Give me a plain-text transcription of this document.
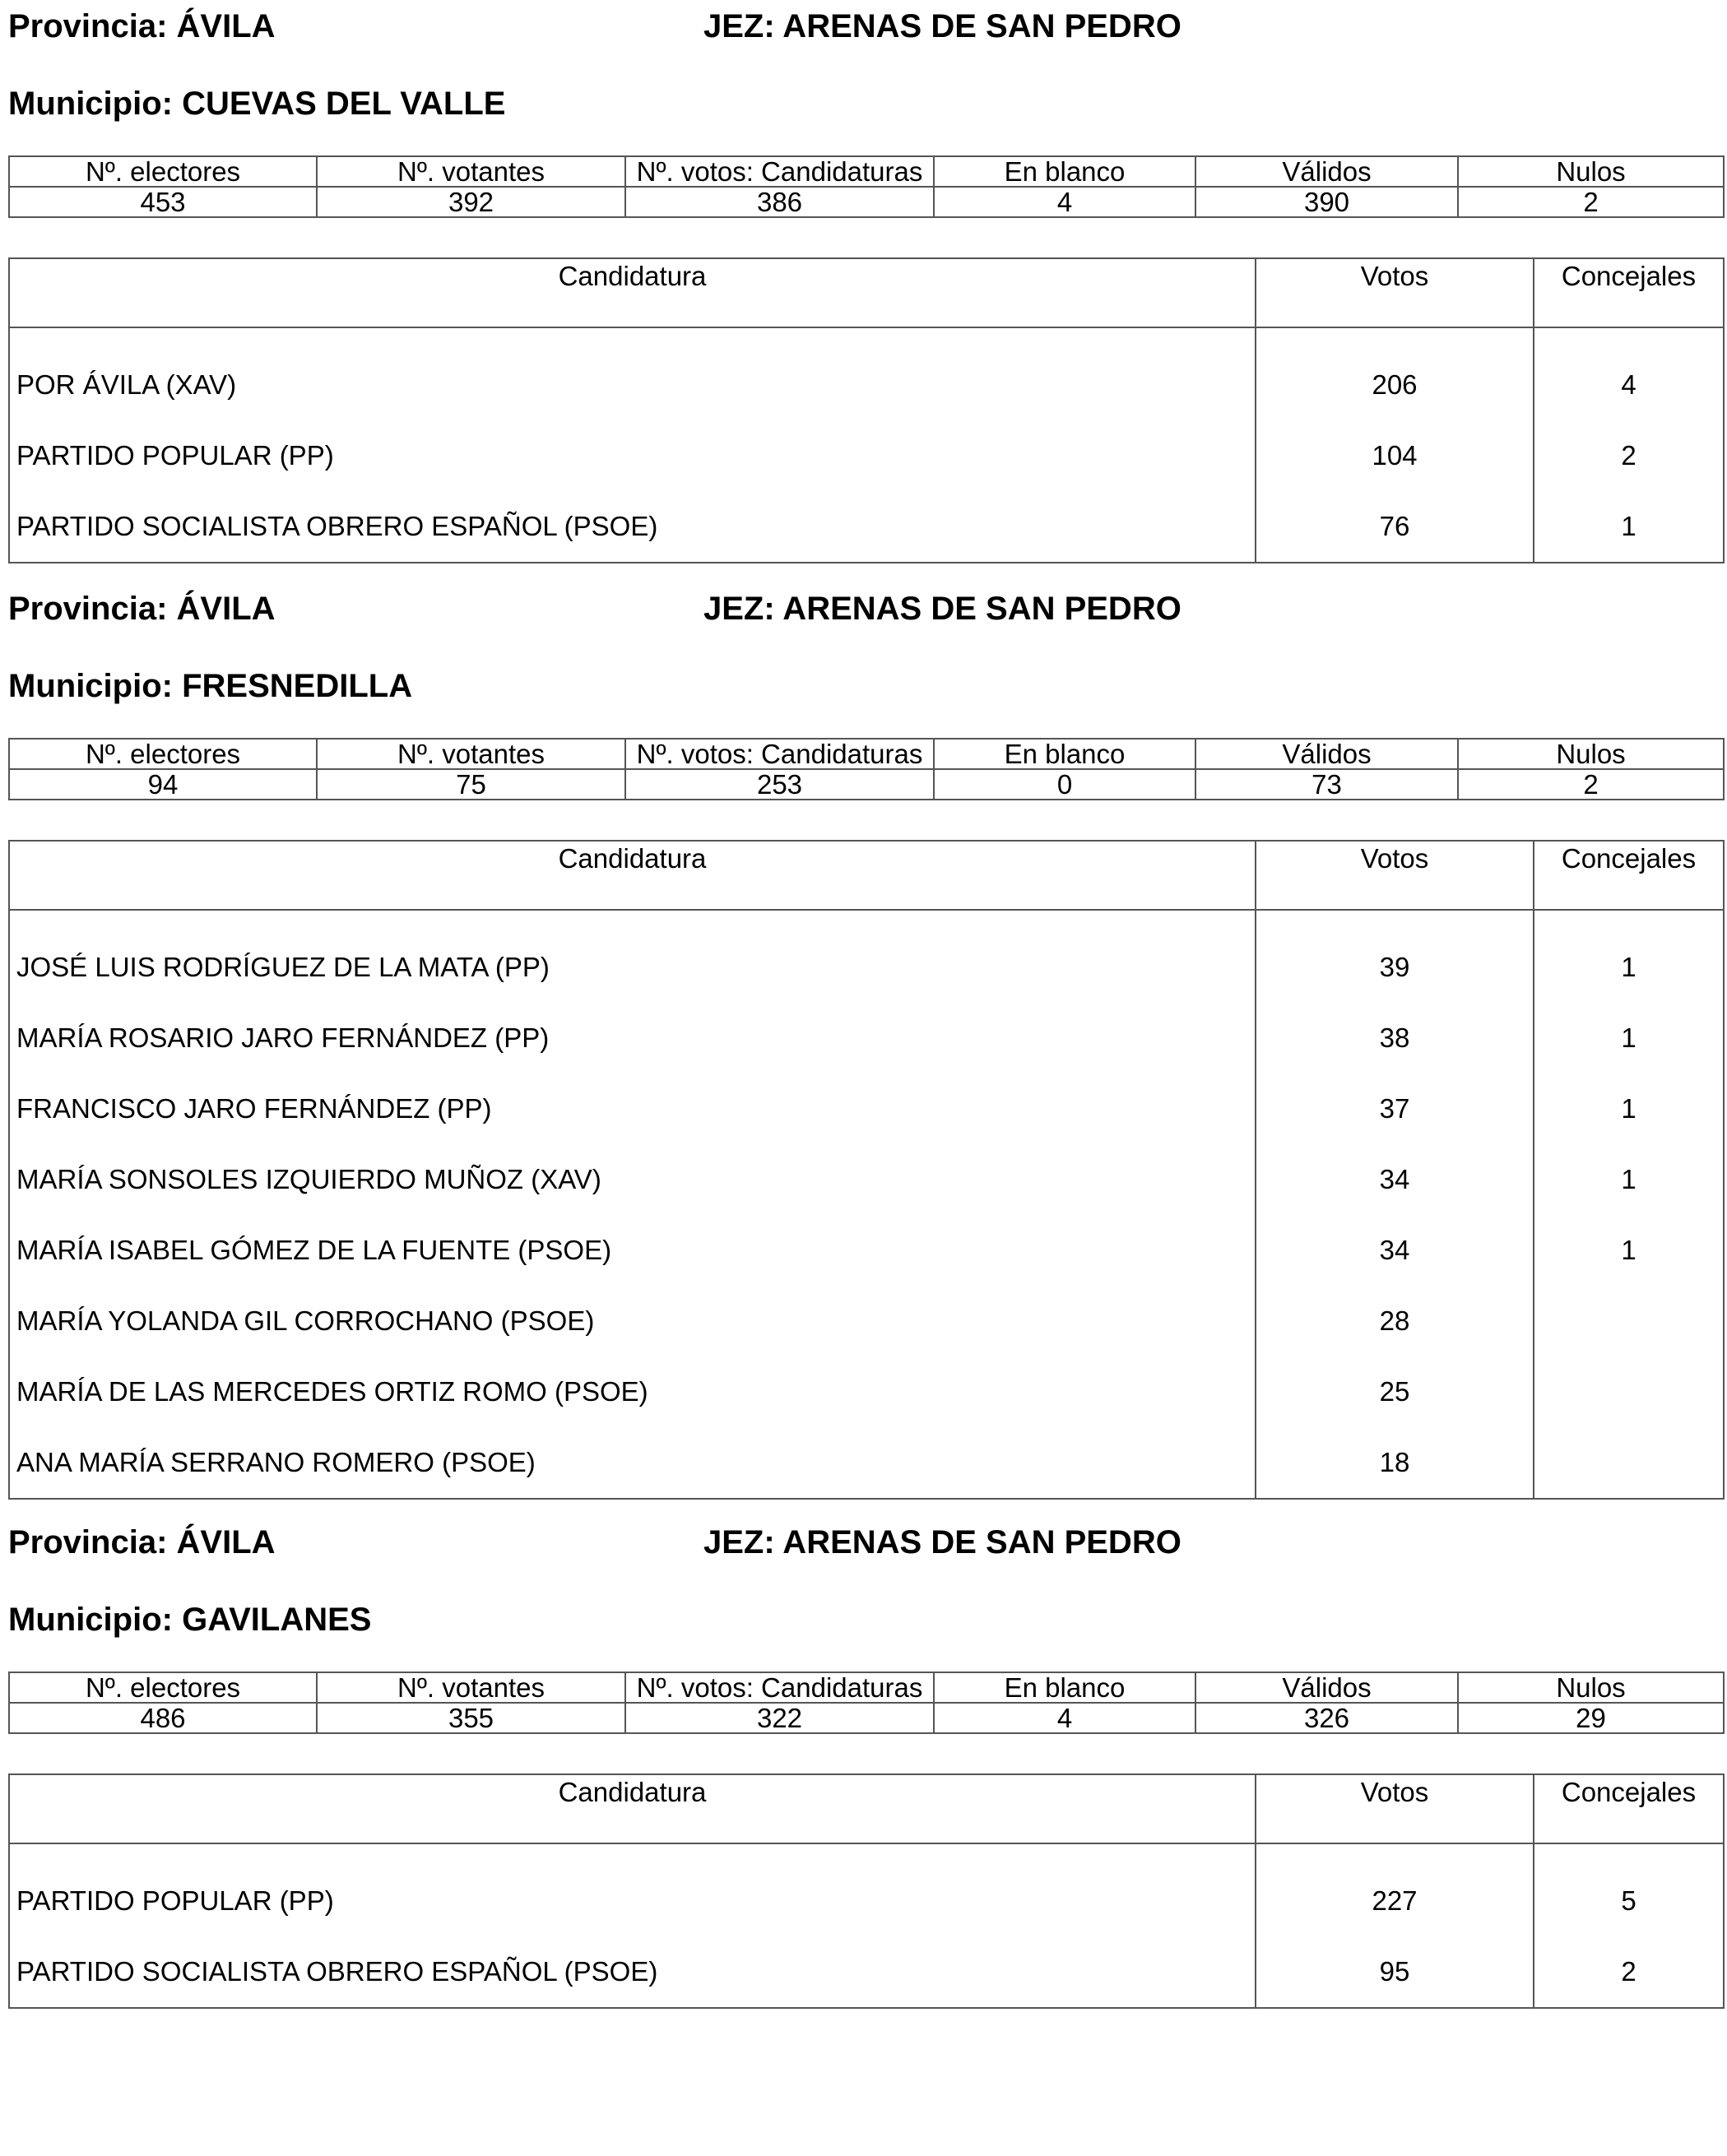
Provincia: ÁVILA	JEZ: ARENAS DE SAN PEDRO
Municipio: CUEVAS DEL VALLE
Nº. electores	Nº. votantes	Nº. votos: Candidaturas	En blanco	Válidos	Nulos
453	392	386	4	390	2
Candidatura	Votos	Concejales
POR ÁVILA (XAV)	206	4
PARTIDO POPULAR (PP)	104	2
PARTIDO SOCIALISTA OBRERO ESPAÑOL (PSOE)	76	1
Provincia: ÁVILA	JEZ: ARENAS DE SAN PEDRO
Municipio: FRESNEDILLA
Nº. electores	Nº. votantes	Nº. votos: Candidaturas	En blanco	Válidos	Nulos
94	75	253	0	73	2
Candidatura	Votos	Concejales
JOSÉ LUIS RODRÍGUEZ DE LA MATA (PP)	39	1
MARÍA ROSARIO JARO FERNÁNDEZ (PP)	38	1
FRANCISCO JARO FERNÁNDEZ (PP)	37	1
MARÍA SONSOLES IZQUIERDO MUÑOZ (XAV)	34	1
MARÍA ISABEL GÓMEZ DE LA FUENTE (PSOE)	34	1
MARÍA YOLANDA GIL CORROCHANO (PSOE)	28	
MARÍA DE LAS MERCEDES ORTIZ ROMO (PSOE)	25	
ANA MARÍA SERRANO ROMERO (PSOE)	18	
Provincia: ÁVILA	JEZ: ARENAS DE SAN PEDRO
Municipio: GAVILANES
Nº. electores	Nº. votantes	Nº. votos: Candidaturas	En blanco	Válidos	Nulos
486	355	322	4	326	29
Candidatura	Votos	Concejales
PARTIDO POPULAR (PP)	227	5
PARTIDO SOCIALISTA OBRERO ESPAÑOL (PSOE)	95	2
